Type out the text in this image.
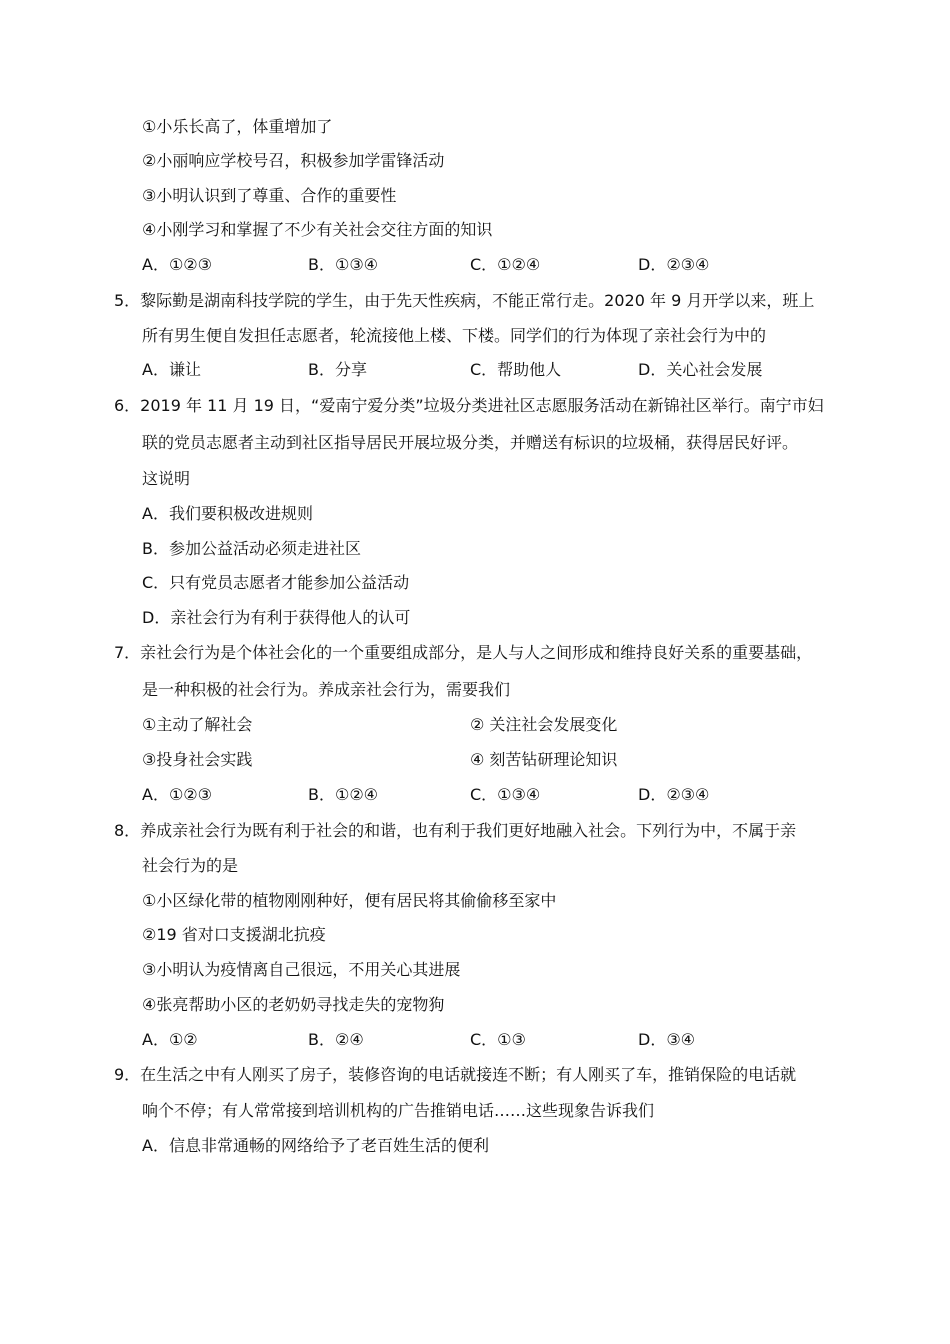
①小乐长高了，体重增加了
②小丽响应学校号召，积极参加学雷锋活动
③小明认识到了尊重、合作的重要性
④小刚学习和掌握了不少有关社会交往方面的知识
A．①②③	B．①③④	C．①②④	D．②③④
5．黎际勤是湖南科技学院的学生，由于先天性疾病，不能正常行走。2020 年 9 月开学以来，班上
所有男生便自发担任志愿者，轮流接他上楼、下楼。同学们的行为体现了亲社会行为中的
A．谦让	B．分享	C．帮助他人	D．关心社会发展
6．2019 年 11 月 19 日，“爱南宁爱分类”垃圾分类进社区志愿服务活动在新锦社区举行。南宁市妇
联的党员志愿者主动到社区指导居民开展垃圾分类，并赠送有标识的垃圾桶，获得居民好评。
这说明
A．我们要积极改进规则
B．参加公益活动必须走进社区
C．只有党员志愿者才能参加公益活动
D．亲社会行为有利于获得他人的认可
7．亲社会行为是个体社会化的一个重要组成部分，是人与人之间形成和维持良好关系的重要基础，
是一种积极的社会行为。养成亲社会行为，需要我们
①主动了解社会	② 关注社会发展变化
③投身社会实践	④ 刻苦钻研理论知识
A．①②③	B．①②④	C．①③④	D．②③④
8．养成亲社会行为既有利于社会的和谐，也有利于我们更好地融入社会。下列行为中，不属于亲
社会行为的是
①小区绿化带的植物刚刚种好，便有居民将其偷偷移至家中
②19 省对口支援湖北抗疫
③小明认为疫情离自己很远，不用关心其进展
④张亮帮助小区的老奶奶寻找走失的宠物狗
A．①②	B．②④	C．①③	D．③④
9．在生活之中有人刚买了房子，装修咨询的电话就接连不断；有人刚买了车，推销保险的电话就
响个不停；有人常常接到培训机构的广告推销电话……这些现象告诉我们
A．信息非常通畅的网络给予了老百姓生活的便利
